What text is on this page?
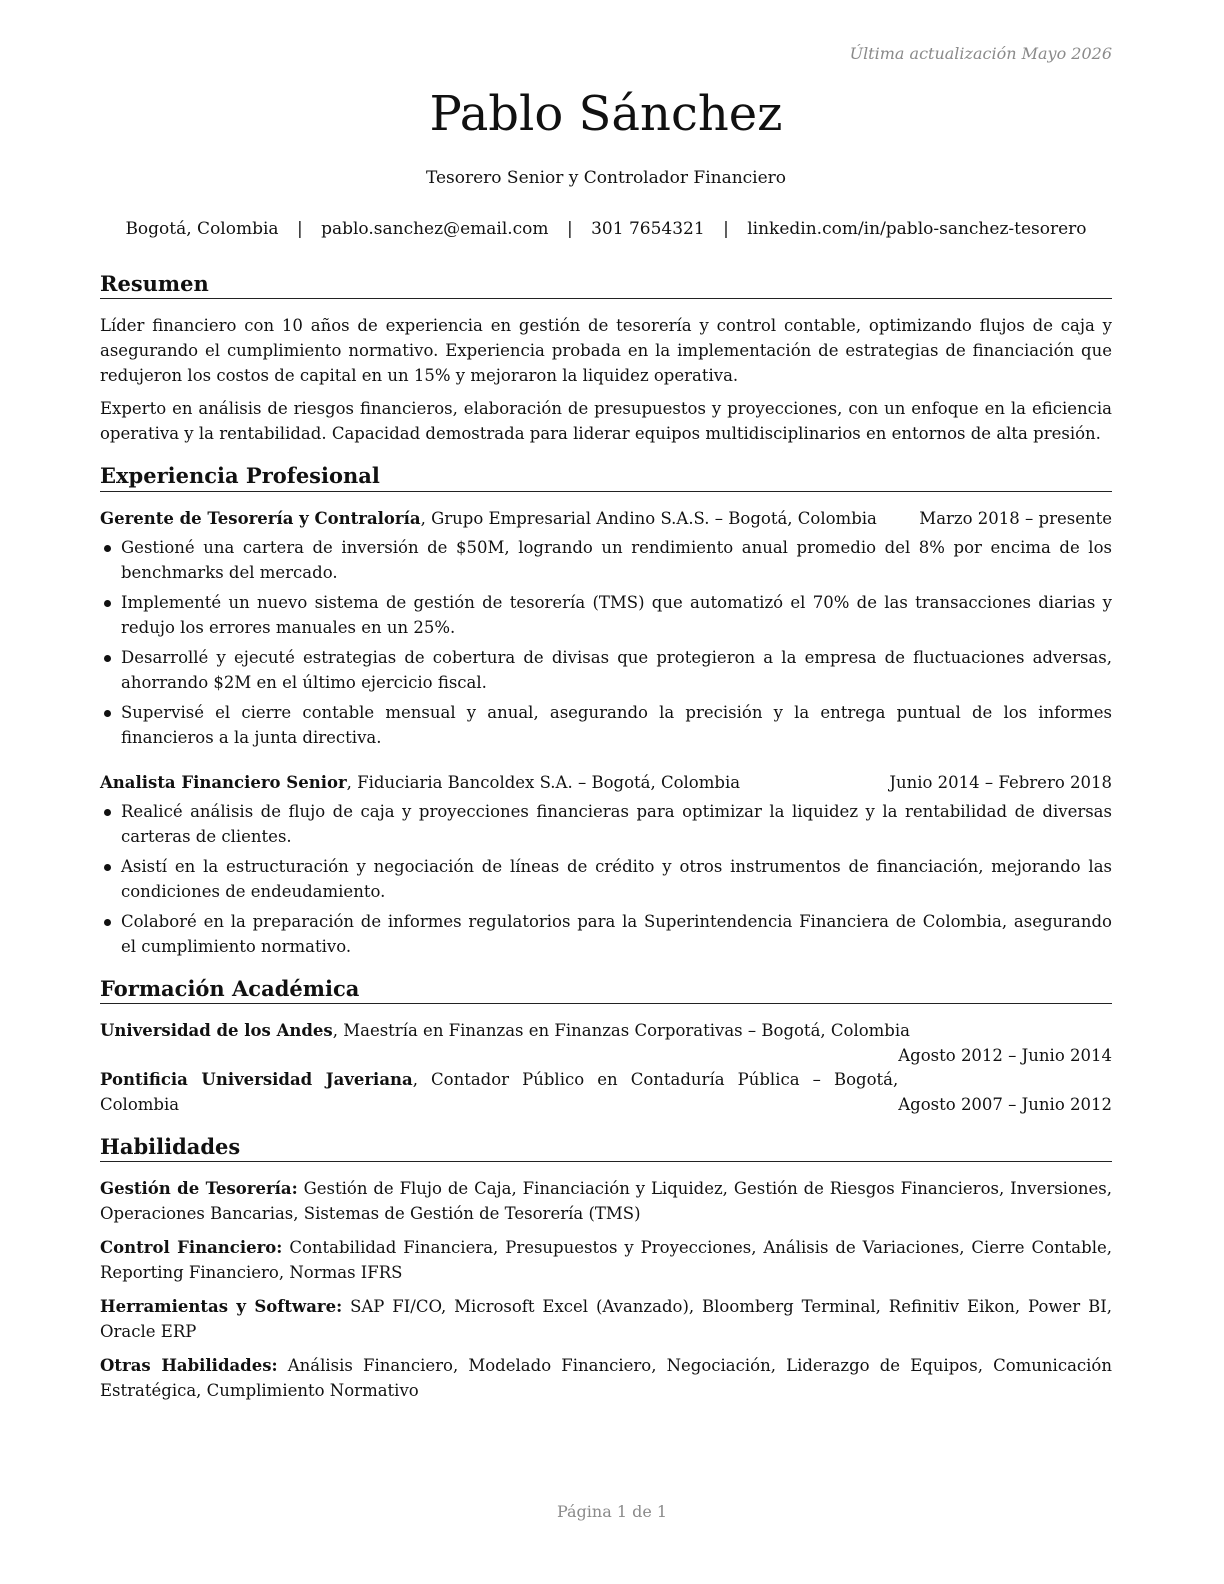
Última actualización Mayo 2026
Pablo Sánchez
Tesorero Senior y Controlador Financiero
Bogotá, Colombia | pablo.sanchez@email.com | 301 7654321 | linkedin.com/in/pablo-sanchez-tesorero
Resumen

Líder financiero con 10 años de experiencia en gestión de tesorería y control contable, optimizando flujos de caja y asegurando el cumplimiento normativo. Experiencia probada en la implementación de estrategias de financiación que redujeron los costos de capital en un 15% y mejoraron la liquidez operativa.

Experto en análisis de riesgos financieros, elaboración de presupuestos y proyecciones, con un enfoque en la eficiencia operativa y la rentabilidad. Capacidad demostrada para liderar equipos multidisciplinarios en entornos de alta presión.

Experiencia Profesional
Gerente de Tesorería y Contraloría, Grupo Empresarial Andino S.A.S. – Bogotá, Colombia	Marzo 2018 – presente
Gestioné una cartera de inversión de $50M, logrando un rendimiento anual promedio del 8% por encima de los benchmarks del mercado.
Implementé un nuevo sistema de gestión de tesorería (TMS) que automatizó el 70% de las transacciones diarias y redujo los errores manuales en un 25%.
Desarrollé y ejecuté estrategias de cobertura de divisas que protegieron a la empresa de fluctuaciones adversas, ahorrando $2M en el último ejercicio fiscal.
Supervisé el cierre contable mensual y anual, asegurando la precisión y la entrega puntual de los informes financieros a la junta directiva.
Analista Financiero Senior, Fiduciaria Bancoldex S.A. – Bogotá, Colombia	Junio 2014 – Febrero 2018
Realicé análisis de flujo de caja y proyecciones financieras para optimizar la liquidez y la rentabilidad de diversas carteras de clientes.
Asistí en la estructuración y negociación de líneas de crédito y otros instrumentos de financiación, mejorando las condiciones de endeudamiento.
Colaboré en la preparación de informes regulatorios para la Superintendencia Financiera de Colombia, asegurando el cumplimiento normativo.
Formación Académica
Universidad de los Andes, Maestría en Finanzas en Finanzas Corporativas – Bogotá, Colombia
Agosto 2012 – Junio 2014
Pontificia Universidad Javeriana, Contador Público en Contaduría Pública – Bogotá, Colombia	Agosto 2007 – Junio 2012
Habilidades
Gestión de Tesorería: Gestión de Flujo de Caja, Financiación y Liquidez, Gestión de Riesgos Financieros, Inversiones, Operaciones Bancarias, Sistemas de Gestión de Tesorería (TMS)
Control Financiero: Contabilidad Financiera, Presupuestos y Proyecciones, Análisis de Variaciones, Cierre Contable, Reporting Financiero, Normas IFRS
Herramientas y Software: SAP FI/CO, Microsoft Excel (Avanzado), Bloomberg Terminal, Refinitiv Eikon, Power BI, Oracle ERP
Otras Habilidades: Análisis Financiero, Modelado Financiero, Negociación, Liderazgo de Equipos, Comunicación Estratégica, Cumplimiento Normativo
Página 1 de 1
